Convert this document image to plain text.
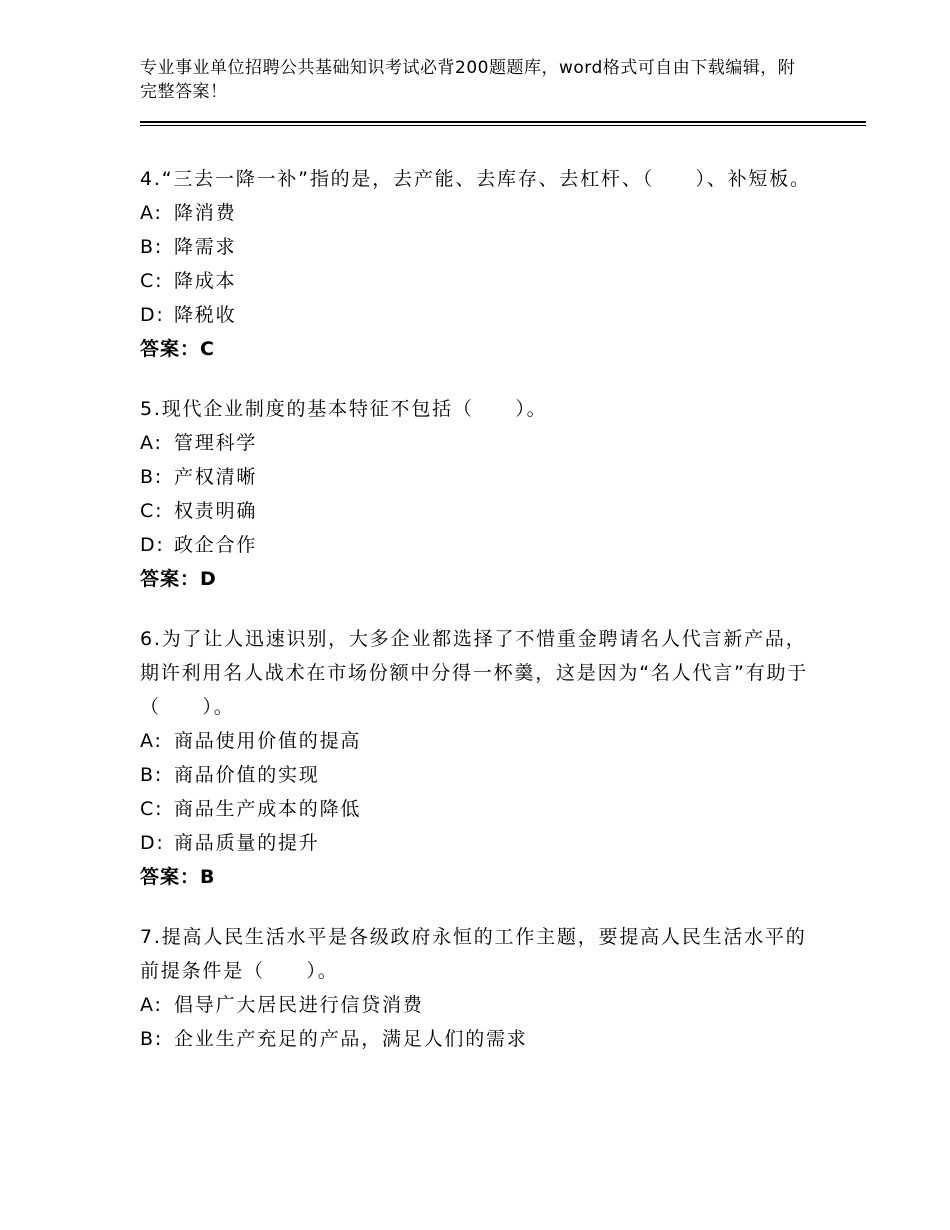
专业事业单位招聘公共基础知识考试必背200题题库，word格式可自由下载编辑，附完整答案！

4.“三去一降一补”指的是，去产能、去库存、去杠杆、（　　）、补短板。

A: 降消费

B: 降需求

C: 降成本

D: 降税收

答案：C

5.现代企业制度的基本特征不包括（　　）。

A: 管理科学

B: 产权清晰

C: 权责明确

D: 政企合作

答案：D

6.为了让人迅速识别，大多企业都选择了不惜重金聘请名人代言新产品，期许利用名人战术在市场份额中分得一杯羹，这是因为“名人代言”有助于（　　）。

A: 商品使用价值的提高

B: 商品价值的实现

C: 商品生产成本的降低

D: 商品质量的提升

答案：B

7.提高人民生活水平是各级政府永恒的工作主题，要提高人民生活水平的前提条件是（　　）。

A: 倡导广大居民进行信贷消费

B: 企业生产充足的产品，满足人们的需求
